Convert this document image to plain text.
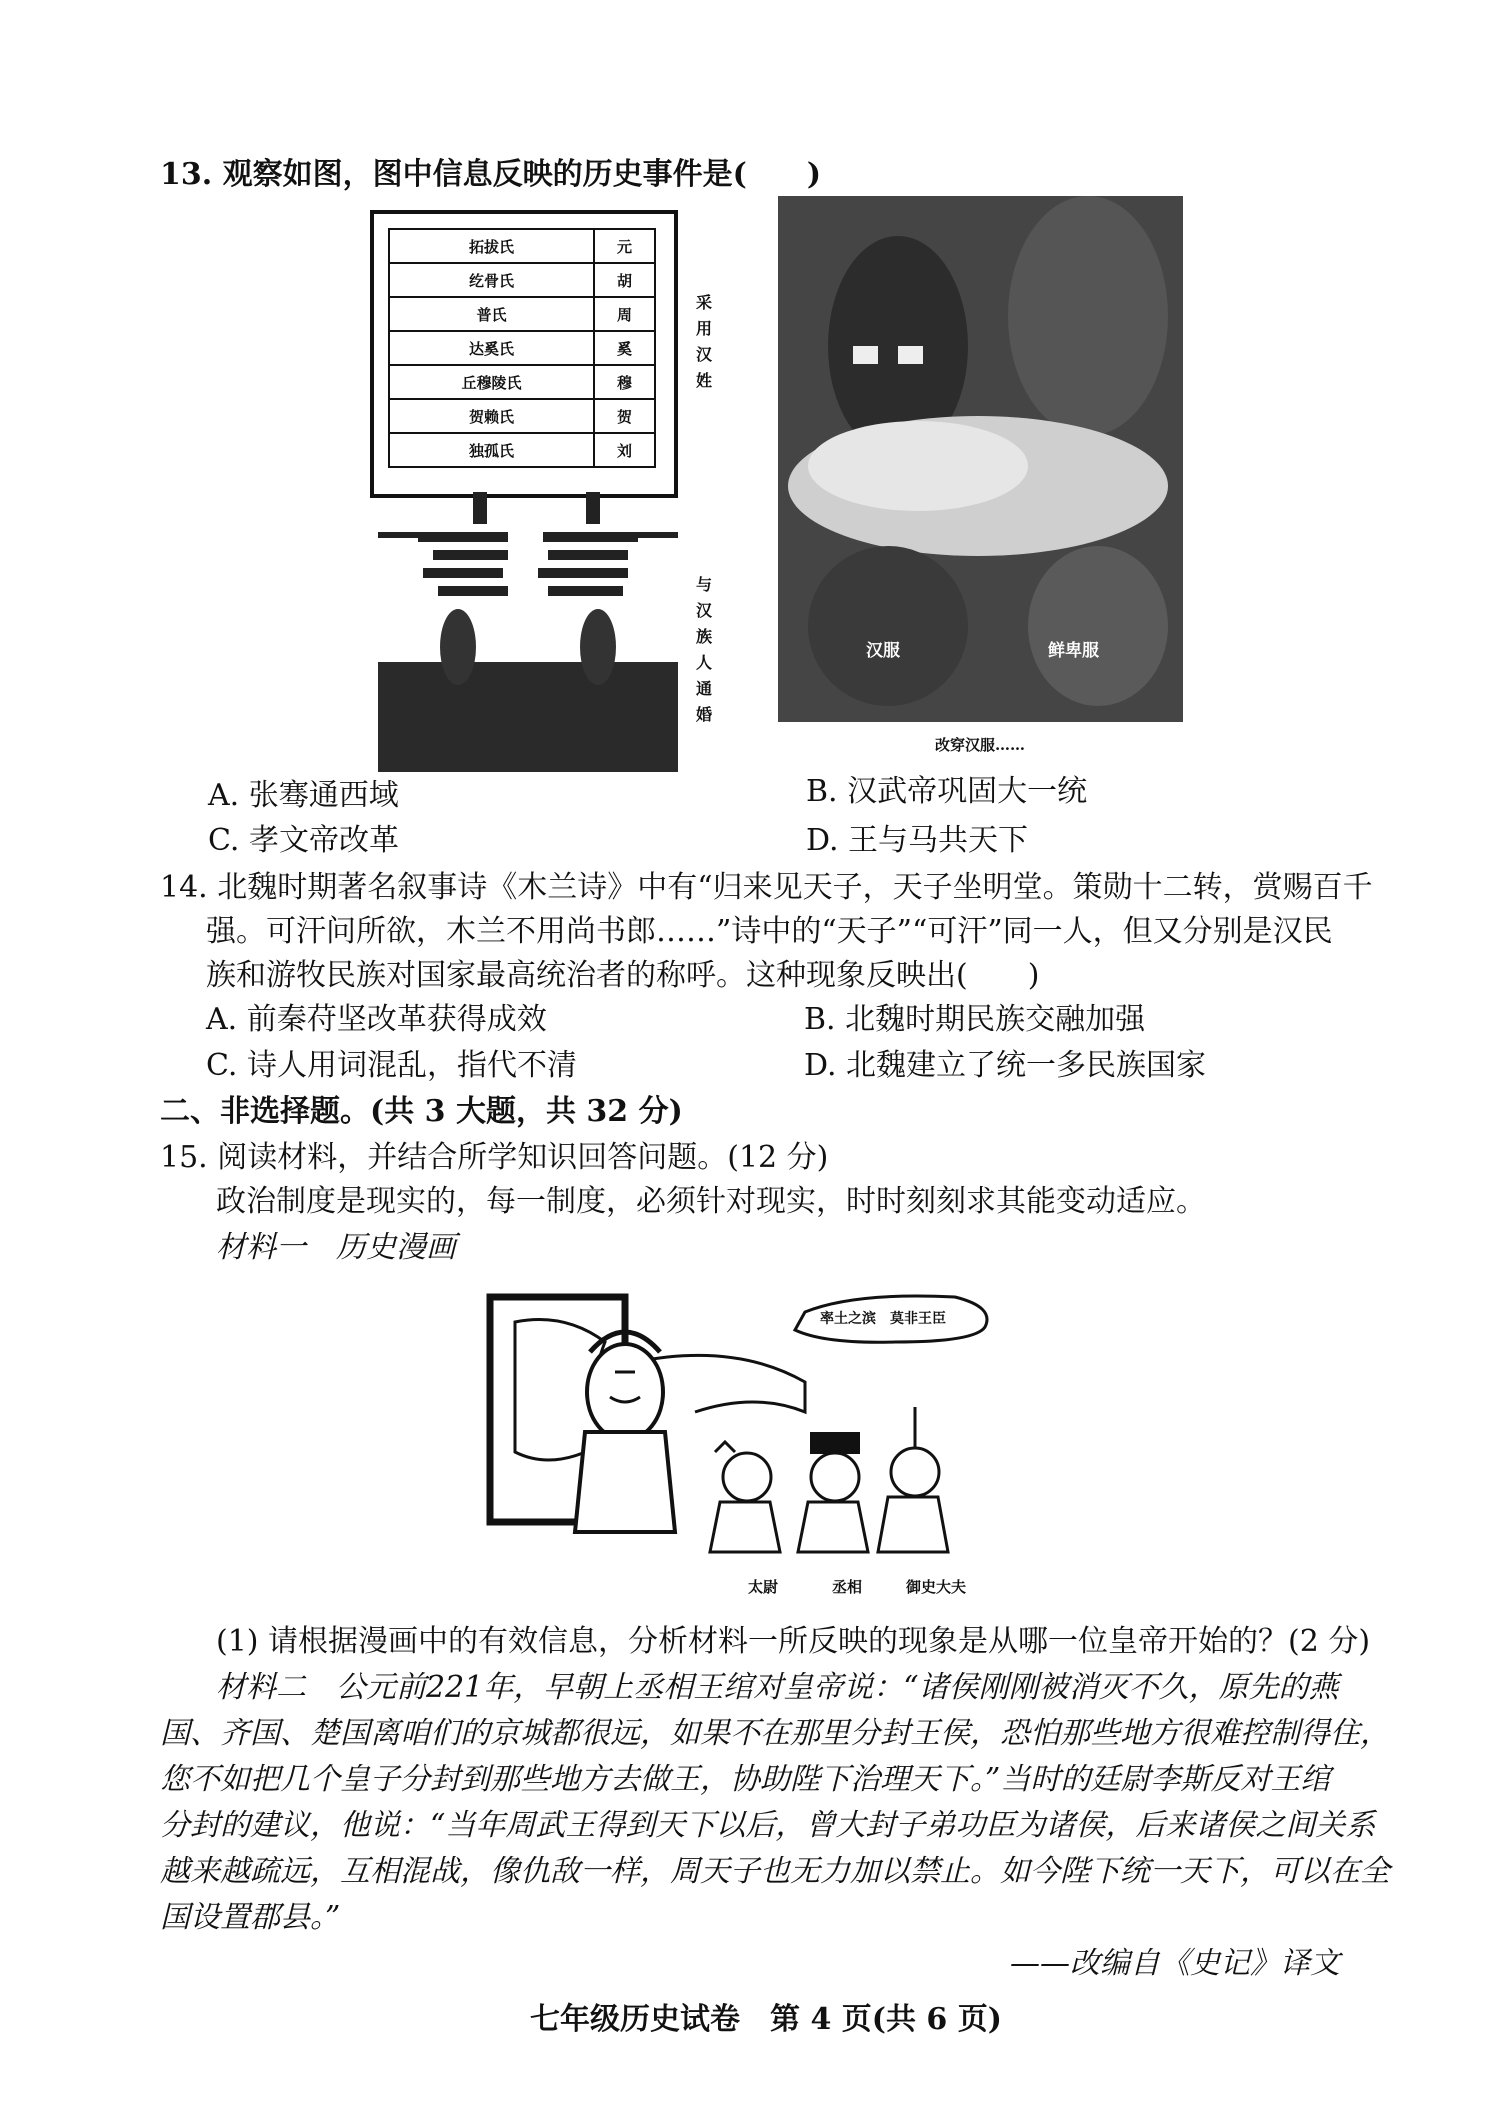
13. 观察如图，图中信息反映的历史事件是(　　)
拓拔氏	元
纥骨氏	胡
普氏	周
达奚氏	奚
丘穆陵氏	穆
贺赖氏	贺
独孤氏	刘
采用汉姓
与汉族人通婚
汉服	鲜卑服
改穿汉服……
A. 张骞通西域	B. 汉武帝巩固大一统
C. 孝文帝改革	D. 王与马共天下
14. 北魏时期著名叙事诗《木兰诗》中有“归来见天子，天子坐明堂。策勋十二转，赏赐百千
强。可汗问所欲，木兰不用尚书郎……”诗中的“天子”“可汗”同一人，但又分别是汉民
族和游牧民族对国家最高统治者的称呼。这种现象反映出(　　)
A. 前秦苻坚改革获得成效	B. 北魏时期民族交融加强
C. 诗人用词混乱，指代不清	D. 北魏建立了统一多民族国家
二、非选择题。(共 3 大题，共 32 分)
15. 阅读材料，并结合所学知识回答问题。(12 分)
政治制度是现实的，每一制度，必须针对现实，时时刻刻求其能变动适应。
材料一　历史漫画
率土之滨　莫非王臣
太尉	丞相	御史大夫
(1) 请根据漫画中的有效信息，分析材料一所反映的现象是从哪一位皇帝开始的？(2 分)
材料二　公元前221年，早朝上丞相王绾对皇帝说：“诸侯刚刚被消灭不久，原先的燕
国、齐国、楚国离咱们的京城都很远，如果不在那里分封王侯，恐怕那些地方很难控制得住，
您不如把几个皇子分封到那些地方去做王，协助陛下治理天下。”当时的廷尉李斯反对王绾
分封的建议，他说：“当年周武王得到天下以后，曾大封子弟功臣为诸侯，后来诸侯之间关系
越来越疏远，互相混战，像仇敌一样，周天子也无力加以禁止。如今陛下统一天下，可以在全
国设置郡县。”
——改编自《史记》译文
七年级历史试卷　第 4 页(共 6 页)
